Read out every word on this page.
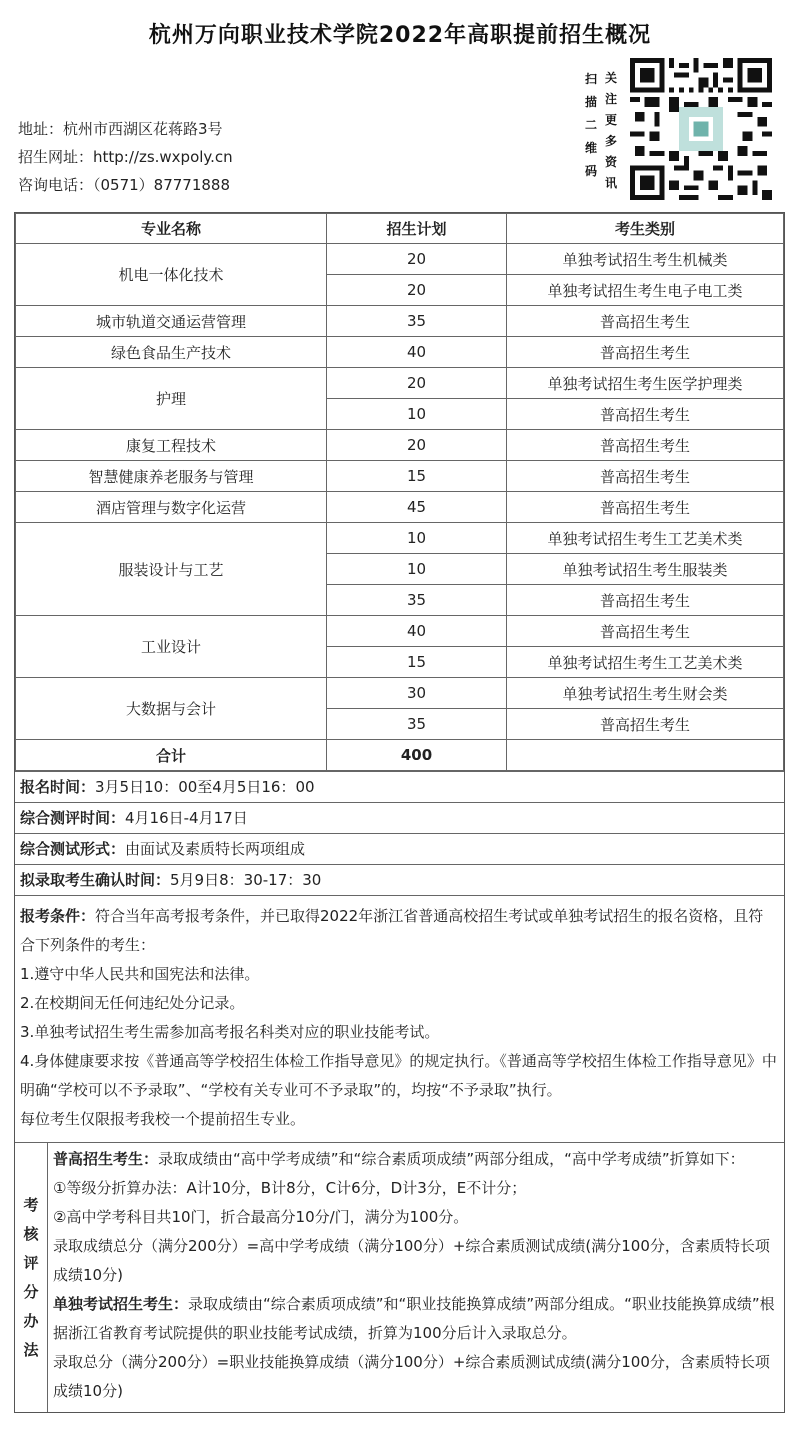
杭州万向职业技术学院2022年高职提前招生概况
地址：杭州市西湖区花蒋路3号
招生网址：http://zs.wxpoly.cn
咨询电话：（0571）87771888
扫
描
二
维
码
关
注
更
多
资
讯
专业名称	招生计划	考生类别
机电一体化技术	20	单独考试招生考生机械类
	20	单独考试招生考生电子电工类
城市轨道交通运营管理	35	普高招生考生
绿色食品生产技术	40	普高招生考生
护理	20	单独考试招生考生医学护理类
	10	普高招生考生
康复工程技术	20	普高招生考生
智慧健康养老服务与管理	15	普高招生考生
酒店管理与数字化运营	45	普高招生考生
服装设计与工艺	10	单独考试招生考生工艺美术类
	10	单独考试招生考生服装类
	35	普高招生考生
工业设计	40	普高招生考生
	15	单独考试招生考生工艺美术类
大数据与会计	30	单独考试招生考生财会类
	35	普高招生考生
合计	400	
报名时间：3月5日10：00至4月5日16：00
综合测评时间：4月16日-4月17日
综合测试形式：由面试及素质特长两项组成
拟录取考生确认时间：5月9日8：30-17：30

报考条件：符合当年高考报考条件，并已取得2022年浙江省普通高校招生考试或单独考试招生的报名资格，且符合下列条件的考生：

1.遵守中华人民共和国宪法和法律。

2.在校期间无任何违纪处分记录。

3.单独考试招生考生需参加高考报名科类对应的职业技能考试。

4.身体健康要求按《普通高等学校招生体检工作指导意见》的规定执行。《普通高等学校招生体检工作指导意见》中明确“学校可以不予录取”、“学校有关专业可不予录取”的，均按“不予录取”执行。

每位考生仅限报考我校一个提前招生专业。

考
核
评
分
办
法

普高招生考生：录取成绩由“高中学考成绩”和“综合素质项成绩”两部分组成，“高中学考成绩”折算如下：

①等级分折算办法：A计10分，B计8分，C计6分，D计3分，E不计分；

②高中学考科目共10门，折合最高分10分/门，满分为100分。

录取成绩总分（满分200分）=高中学考成绩（满分100分）+综合素质测试成绩(满分100分，含素质特长项成绩10分)

单独考试招生考生：录取成绩由“综合素质项成绩”和“职业技能换算成绩”两部分组成。“职业技能换算成绩”根据浙江省教育考试院提供的职业技能考试成绩，折算为100分后计入录取总分。

录取总分（满分200分）=职业技能换算成绩（满分100分）+综合素质测试成绩(满分100分，含素质特长项成绩10分)
